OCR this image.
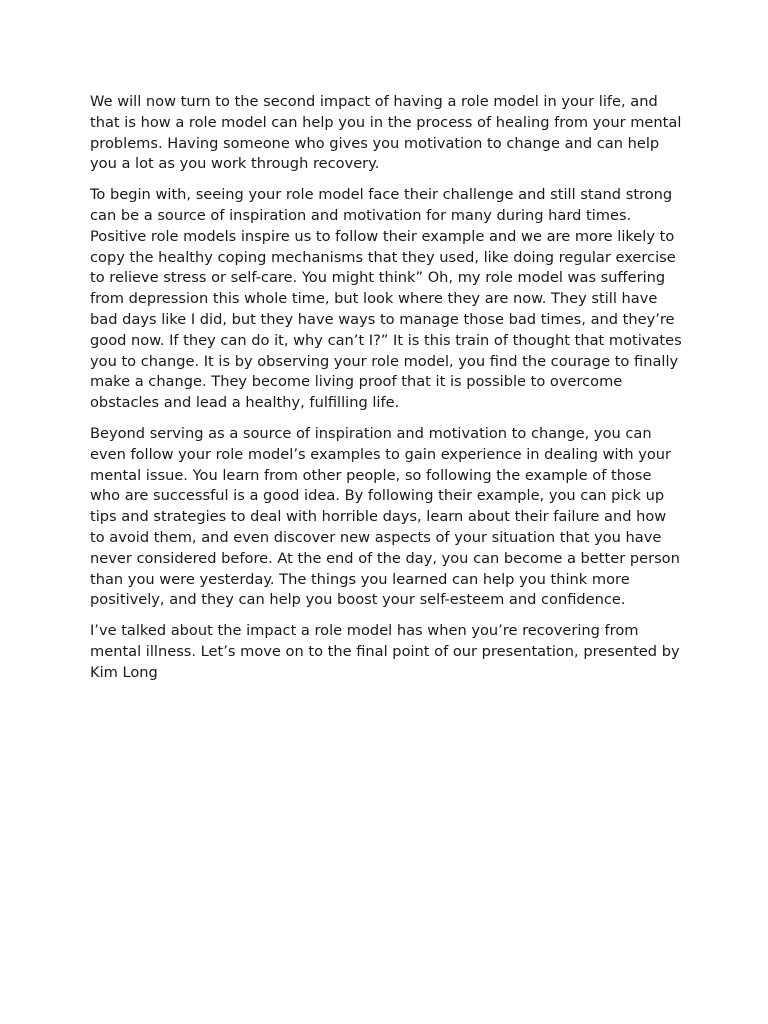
We will now turn to the second impact of having a role model in your life, and that is how a role model can help you in the process of healing from your mental problems. Having someone who gives you motivation to change and can help you a lot as you work through recovery.

To begin with, seeing your role model face their challenge and still stand strong can be a source of inspiration and motivation for many during hard times. Positive role models inspire us to follow their example and we are more likely to copy the healthy coping mechanisms that they used, like doing regular exercise to relieve stress or self-care. You might think” Oh, my role model was suffering from depression this whole time, but look where they are now. They still have bad days like I did, but they have ways to manage those bad times, and they’re good now. If they can do it, why can’t I?” It is this train of thought that motivates you to change. It is by observing your role model, you find the courage to finally make a change. They become living proof that it is possible to overcome obstacles and lead a healthy, fulfilling life.

Beyond serving as a source of inspiration and motivation to change, you can even follow your role model’s examples to gain experience in dealing with your mental issue. You learn from other people, so following the example of those who are successful is a good idea. By following their example, you can pick up tips and strategies to deal with horrible days, learn about their failure and how to avoid them, and even discover new aspects of your situation that you have never considered before. At the end of the day, you can become a better person than you were yesterday. The things you learned can help you think more positively, and they can help you boost your self-esteem and confidence.

I’ve talked about the impact a role model has when you’re recovering from mental illness. Let’s move on to the final point of our presentation, presented by Kim Long
